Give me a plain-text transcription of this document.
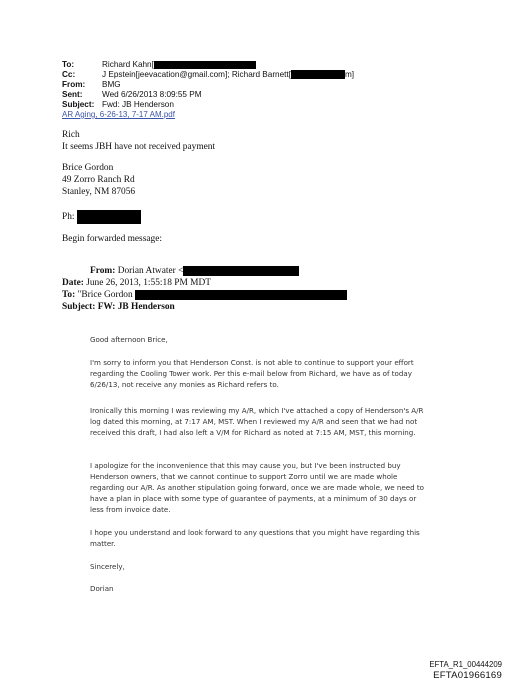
To:	Richard Kahn[
Cc:	J Epstein[jeevacation@gmail.com]; Richard Barnett[	m]
From: BMG
Sent: Wed 6/26/2013 8:09:55 PM
Subject: Fwd: JB Henderson
AR Aging, 6-26-13, 7-17 AM.pdf
Rich
It seems JBH have not received payment
Brice Gordon
49 Zorro Ranch Rd
Stanley, NM 87056
Ph:
Begin forwarded message:
From: Dorian Atwater <
Date: June 26, 2013, 1:55:18 PM MDT
To: "Brice Gordon
Subject: FW: JB Henderson
Good afternoon Brice,
I'm sorry to inform you that Henderson Const. is not able to continue to support your effort regarding the Cooling Tower work. Per this e-mail below from Richard, we have as of today 6/26/13, not receive any monies as Richard refers to.
Ironically this morning I was reviewing my A/R, which I've attached a copy of Henderson's A/R log dated this morning, at 7:17 AM, MST. When I reviewed my A/R and seen that we had not received this draft, I had also left a V/M for Richard as noted at 7:15 AM, MST, this morning.
I apologize for the inconvenience that this may cause you, but I've been instructed buy Henderson owners, that we cannot continue to support Zorro until we are made whole regarding our A/R. As another stipulation going forward, once we are made whole, we need to have a plan in place with some type of guarantee of payments, at a minimum of 30 days or less from invoice date.
I hope you understand and look forward to any questions that you might have regarding this matter.
Sincerely,
Dorian
EFTA_R1_00444209
EFTA01966169
